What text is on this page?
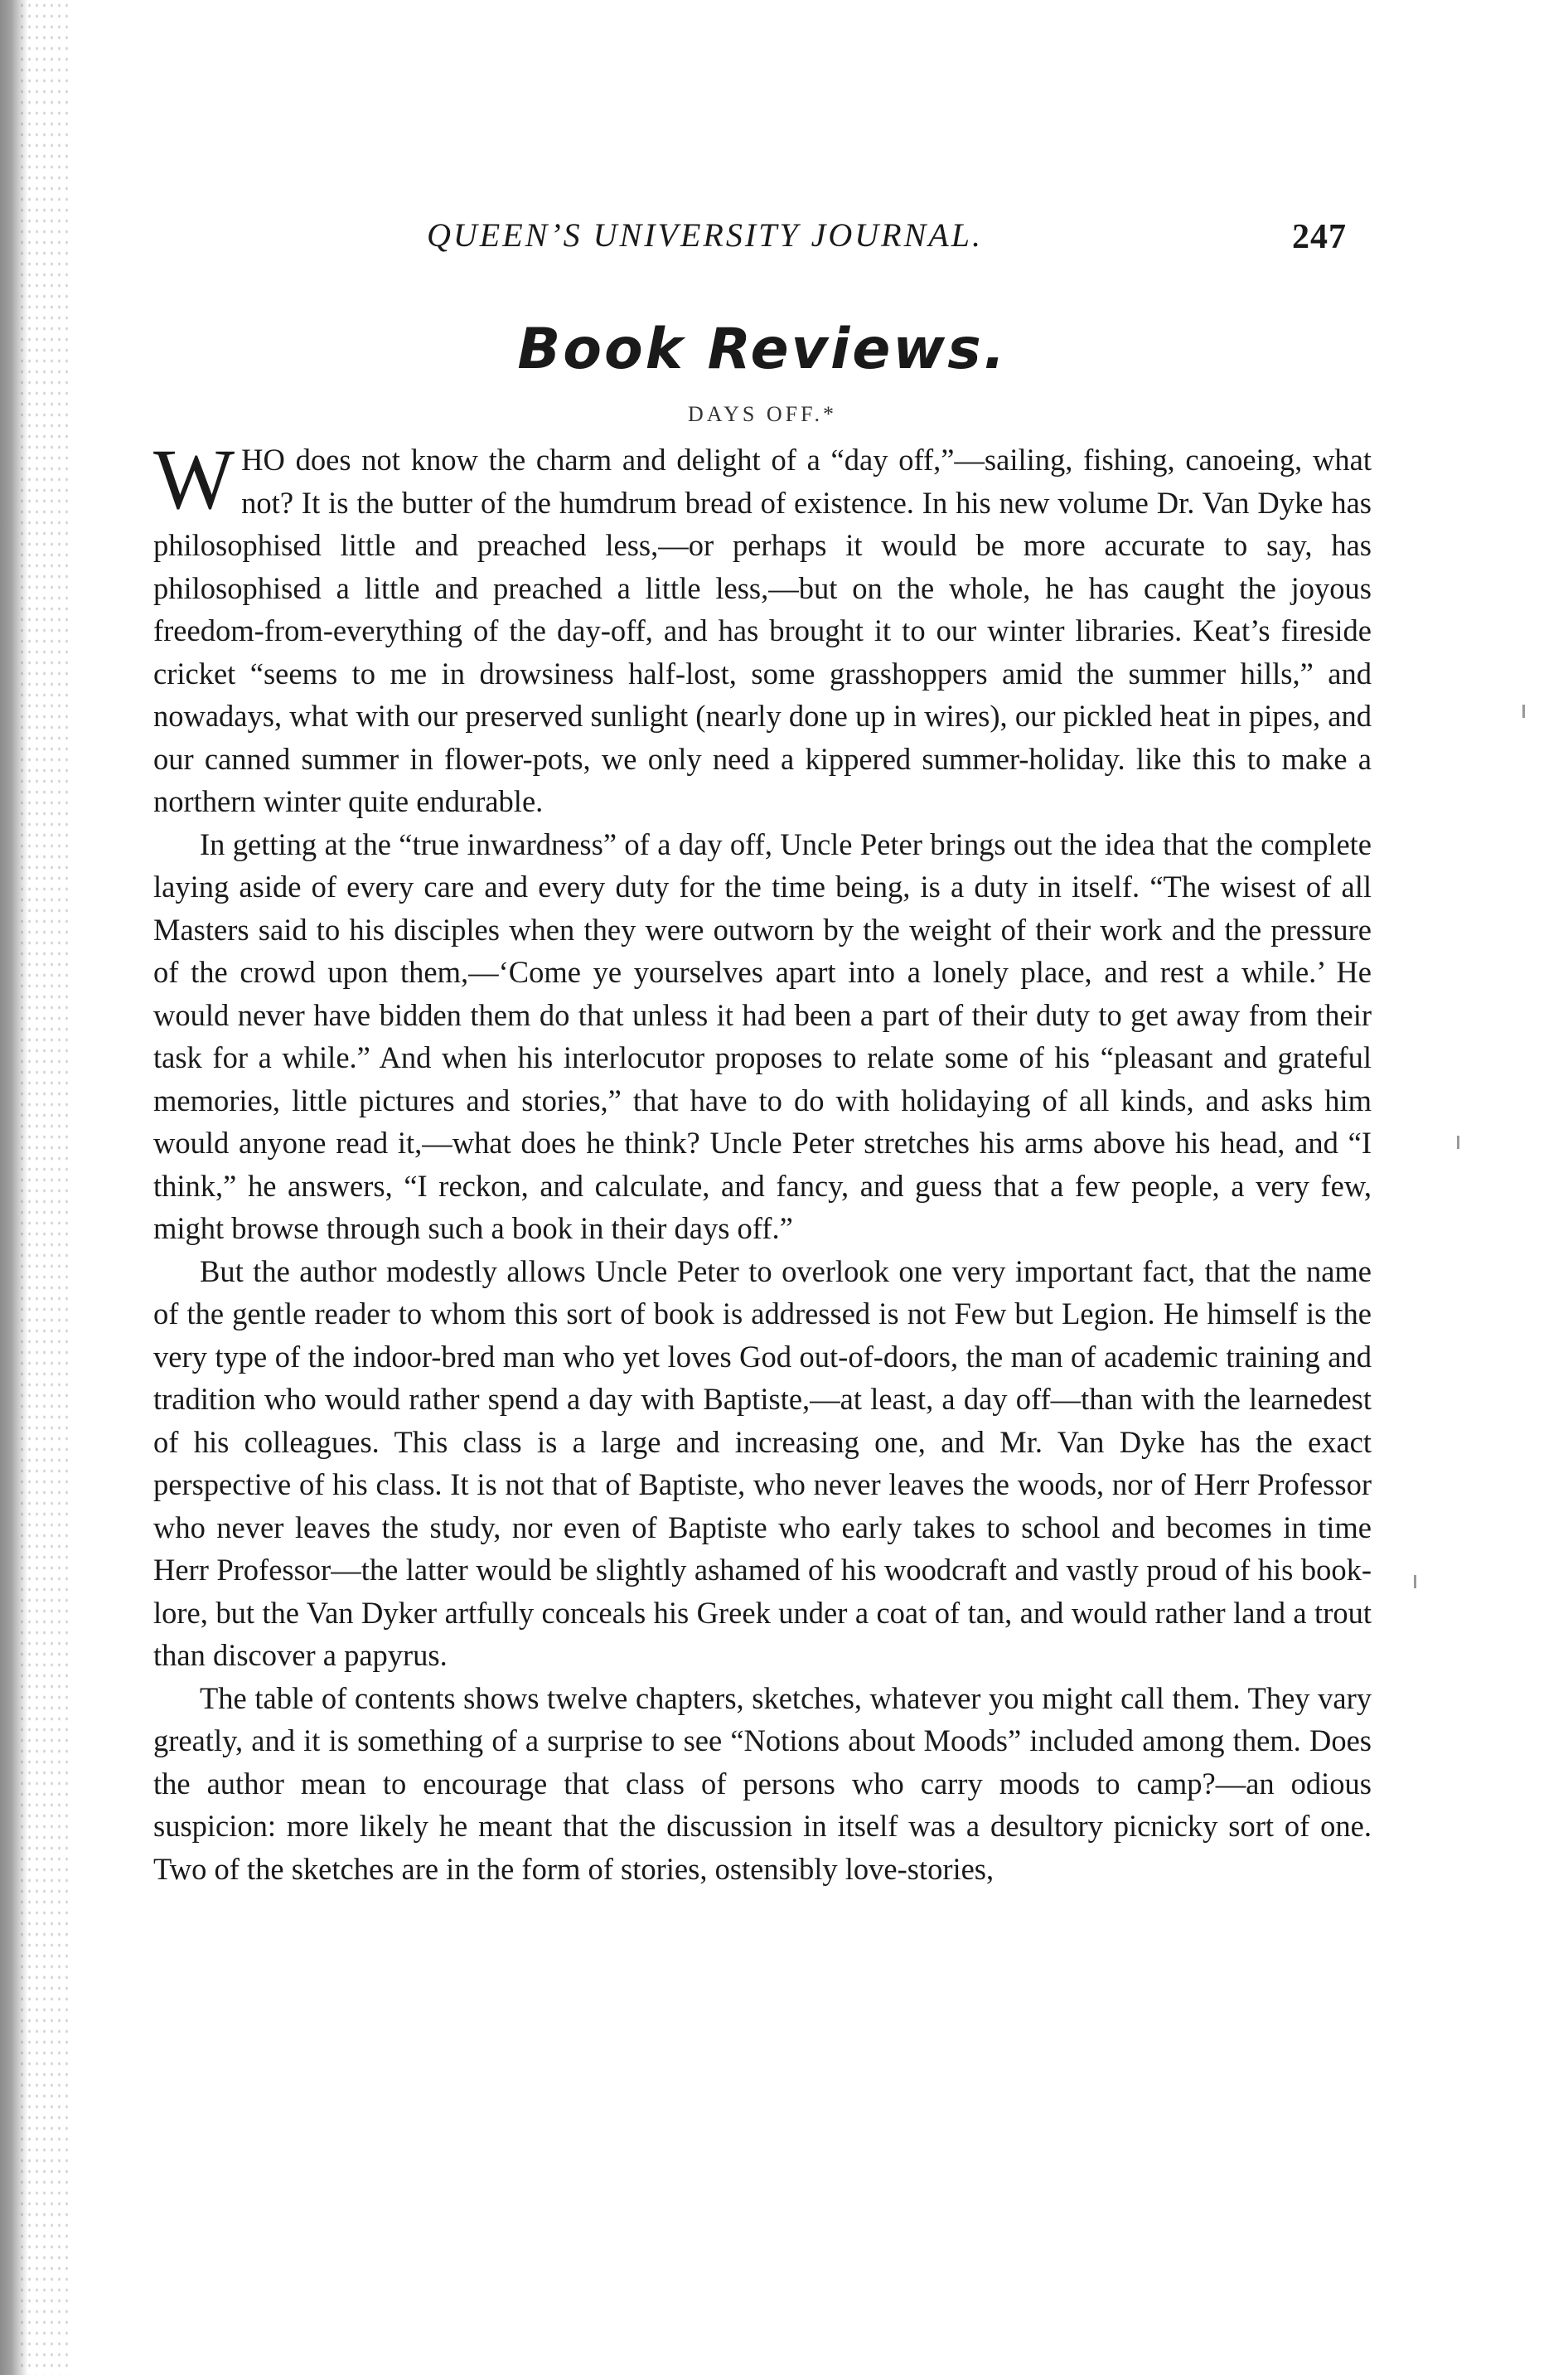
QUEEN’S UNIVERSITY JOURNAL.	247
Book Reviews.
DAYS OFF.*

W HO does not know the charm and delight of a “day off,”—sailing, fishing, canoeing, what not? It is the butter of the humdrum bread of existence. In his new volume Dr. Van Dyke has philosophised little and preached less,—or perhaps it would be more accurate to say, has philosophised a little and preached a little less,—but on the whole, he has caught the joyous freedom-from-everything of the day-off, and has brought it to our winter libraries. Keat’s fireside cricket “seems to me in drowsiness half-lost, some grasshoppers amid the summer hills,” and nowadays, what with our preserved sunlight (nearly done up in wires), our pickled heat in pipes, and our canned summer in flower-pots, we only need a kippered summer-holiday. like this to make a northern winter quite endurable.

In getting at the “true inwardness” of a day off, Uncle Peter brings out the idea that the complete laying aside of every care and every duty for the time being, is a duty in itself. “The wisest of all Masters said to his disciples when they were outworn by the weight of their work and the pressure of the crowd upon them,—‘Come ye yourselves apart into a lonely place, and rest a while.’ He would never have bidden them do that unless it had been a part of their duty to get away from their task for a while.” And when his interlocutor proposes to relate some of his “pleasant and grateful memories, little pictures and stories,” that have to do with holidaying of all kinds, and asks him would anyone read it,—what does he think? Uncle Peter stretches his arms above his head, and “I think,” he answers, “I reckon, and calculate, and fancy, and guess that a few people, a very few, might browse through such a book in their days off.”

But the author modestly allows Uncle Peter to overlook one very important fact, that the name of the gentle reader to whom this sort of book is addressed is not Few but Legion. He himself is the very type of the indoor-bred man who yet loves God out-of-doors, the man of academic training and tradition who would rather spend a day with Baptiste,—at least, a day off—than with the learnedest of his colleagues. This class is a large and increasing one, and Mr. Van Dyke has the exact perspective of his class. It is not that of Baptiste, who never leaves the woods, nor of Herr Professor who never leaves the study, nor even of Baptiste who early takes to school and becomes in time Herr Professor—the latter would be slightly ashamed of his woodcraft and vastly proud of his book-lore, but the Van Dyker artfully conceals his Greek under a coat of tan, and would rather land a trout than discover a papyrus.

The table of contents shows twelve chapters, sketches, whatever you might call them. They vary greatly, and it is something of a surprise to see “Notions about Moods” included among them. Does the author mean to encourage that class of persons who carry moods to camp?—an odious suspicion: more likely he meant that the discussion in itself was a desultory picnicky sort of one. Two of the sketches are in the form of stories, ostensibly love-stories,
